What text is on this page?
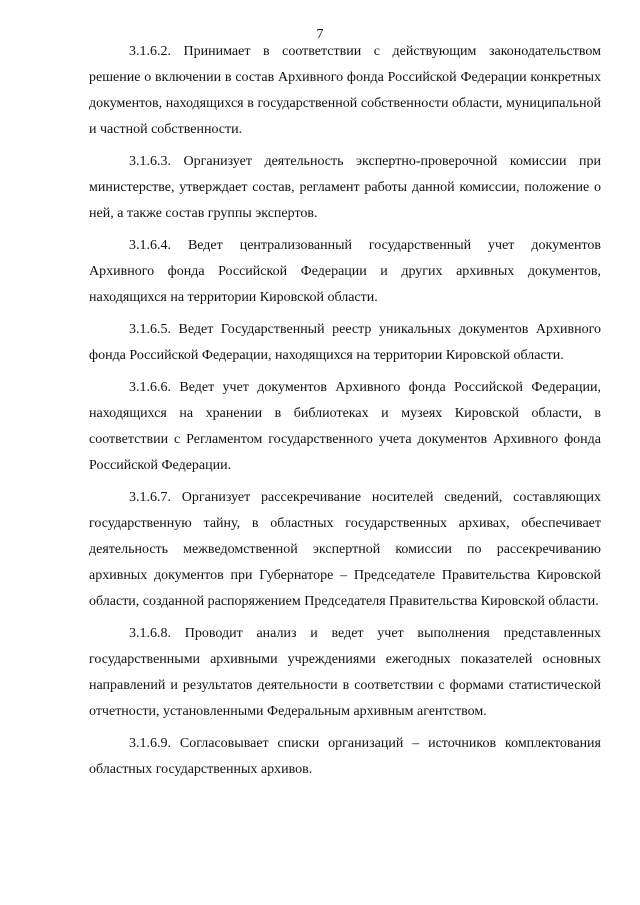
7

3.1.6.2. Принимает в соответствии с действующим законодательством решение о включении в состав Архивного фонда Российской Федерации конкретных документов, находящихся в государственной собственности области, муниципальной и частной собственности.

3.1.6.3. Организует деятельность экспертно-проверочной комиссии при министерстве, утверждает состав, регламент работы данной комиссии, положение о ней, а также состав группы экспертов.

3.1.6.4. Ведет централизованный государственный учет документов Архивного фонда Российской Федерации и других архивных документов, находящихся на территории Кировской области.

3.1.6.5. Ведет Государственный реестр уникальных документов Архивного фонда Российской Федерации, находящихся на территории Кировской области.

3.1.6.6. Ведет учет документов Архивного фонда Российской Федерации, находящихся на хранении в библиотеках и музеях Кировской области, в соответствии с Регламентом государственного учета документов Архивного фонда Российской Федерации.

3.1.6.7. Организует рассекречивание носителей сведений, составляющих государственную тайну, в областных государственных архивах, обеспечивает деятельность межведомственной экспертной комиссии по рассекречиванию архивных документов при Губернаторе – Председателе Правительства Кировской области, созданной распоряжением Председателя Правительства Кировской области.

3.1.6.8. Проводит анализ и ведет учет выполнения представленных государственными архивными учреждениями ежегодных показателей основных направлений и результатов деятельности в соответствии с формами статистической отчетности, установленными Федеральным архивным агентством.

3.1.6.9. Согласовывает списки организаций – источников комплектования областных государственных архивов.
